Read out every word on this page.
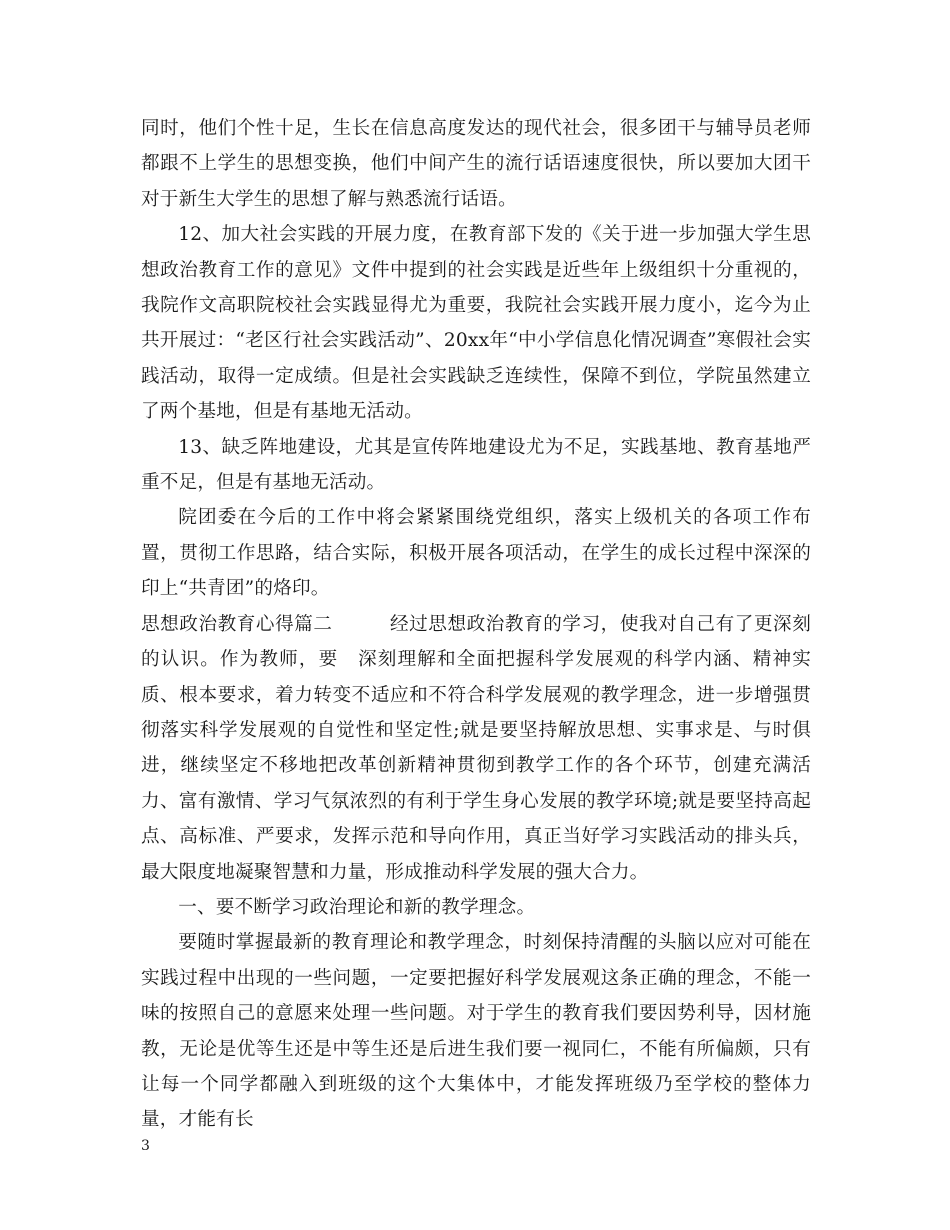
同时，他们个性十足，生长在信息高度发达的现代社会，很多团干与辅导员老师都跟不上学生的思想变换，他们中间产生的流行话语速度很快，所以要加大团干对于新生大学生的思想了解与熟悉流行话语。

12、加大社会实践的开展力度，在教育部下发的《关于进一步加强大学生思想政治教育工作的意见》文件中提到的社会实践是近些年上级组织十分重视的，我院作文高职院校社会实践显得尤为重要，我院社会实践开展力度小，迄今为止共开展过：“老区行社会实践活动”、20xx年“中小学信息化情况调查”寒假社会实践活动，取得一定成绩。但是社会实践缺乏连续性，保障不到位，学院虽然建立了两个基地，但是有基地无活动。

13、缺乏阵地建设，尤其是宣传阵地建设尤为不足，实践基地、教育基地严重不足，但是有基地无活动。

院团委在今后的工作中将会紧紧围绕党组织，落实上级机关的各项工作布置，贯彻工作思路，结合实际，积极开展各项活动，在学生的成长过程中深深的印上“共青团”的烙印。

思想政治教育心得篇二　　　经过思想政治教育的学习，使我对自己有了更深刻的认识。作为教师，要　深刻理解和全面把握科学发展观的科学内涵、精神实质、根本要求，着力转变不适应和不符合科学发展观的教学理念，进一步增强贯彻落实科学发展观的自觉性和坚定性;就是要坚持解放思想、实事求是、与时俱进，继续坚定不移地把改革创新精神贯彻到教学工作的各个环节，创建充满活力、富有激情、学习气氛浓烈的有利于学生身心发展的教学环境;就是要坚持高起点、高标准、严要求，发挥示范和导向作用，真正当好学习实践活动的排头兵，最大限度地凝聚智慧和力量，形成推动科学发展的强大合力。

一、要不断学习政治理论和新的教学理念。

要随时掌握最新的教育理论和教学理念，时刻保持清醒的头脑以应对可能在实践过程中出现的一些问题，一定要把握好科学发展观这条正确的理念，不能一味的按照自己的意愿来处理一些问题。对于学生的教育我们要因势利导，因材施教，无论是优等生还是中等生还是后进生我们要一视同仁，不能有所偏颇，只有让每一个同学都融入到班级的这个大集体中，才能发挥班级乃至学校的整体力量，才能有长

3
